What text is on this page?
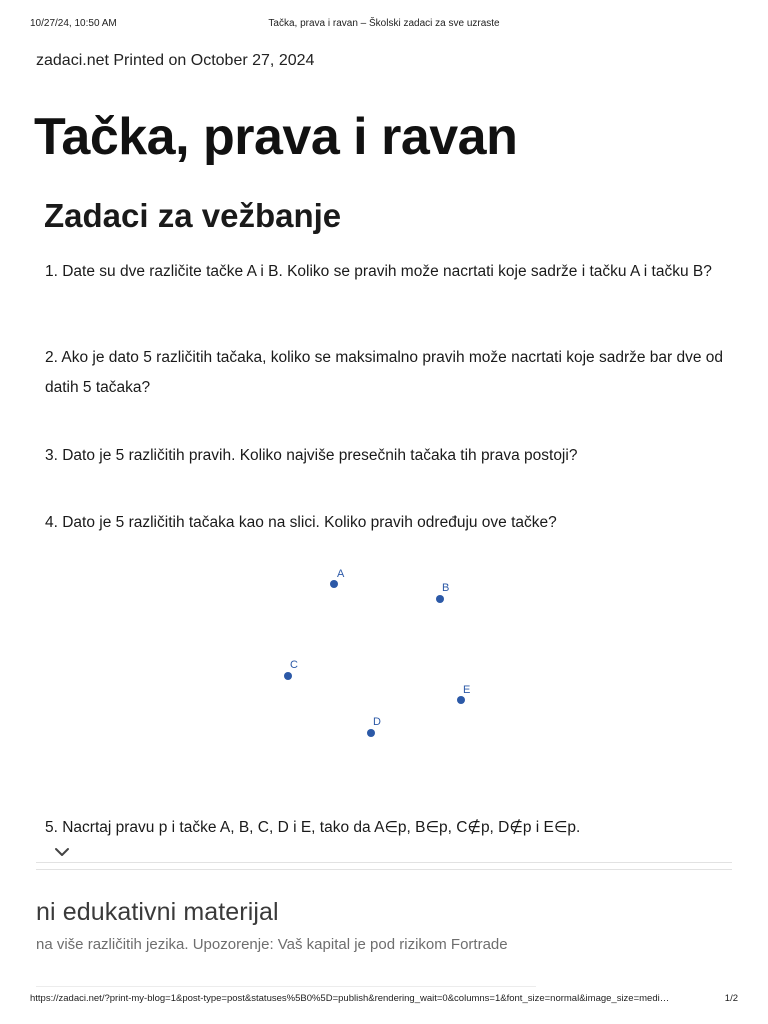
10/27/24, 10:50 AM	Tačka, prava i ravan – Školski zadaci za sve uzraste
zadaci.net Printed on October 27, 2024
Tačka, prava i ravan
Zadaci za vežbanje

1. Date su dve različite tačke A i B. Koliko se pravih može nacrtati koje sadrže i tačku A i tačku B?

2. Ako je dato 5 različitih tačaka, koliko se maksimalno pravih može nacrtati koje sadrže bar dve od datih 5 tačaka?

3. Dato je 5 različitih pravih. Koliko najviše presečnih tačaka tih prava postoji?

4. Dato je 5 različitih tačaka kao na slici. Koliko pravih određuju ove tačke?

A
B
C
D
E

5. Nacrtaj pravu p i tačke A, B, C, D i E, tako da A∈p, B∈p, C∉p, D∉p i E∈p.

ni edukativni materijal
na više različitih jezika. Upozorenje: Vaš kapital je pod rizikom Fortrade
https://zadaci.net/?print-my-blog=1&post-type=post&statuses%5B0%5D=publish&rendering_wait=0&columns=1&font_size=normal&image_size=medi…	1/2
